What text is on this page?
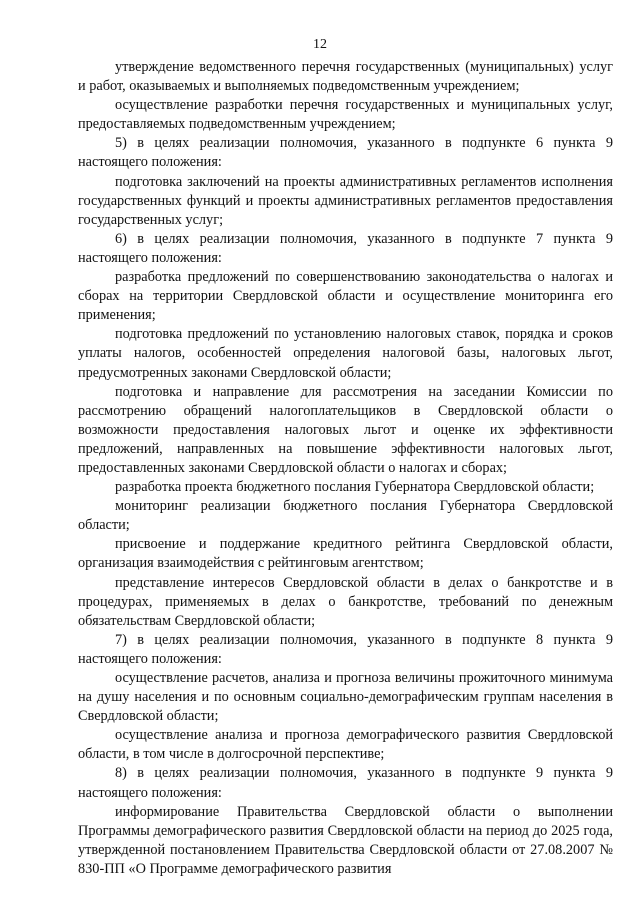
12

утверждение ведомственного перечня государственных (муниципальных) услуг и работ, оказываемых и выполняемых подведомственным учреждением;

осуществление разработки перечня государственных и муниципальных услуг, предоставляемых подведомственным учреждением;

5) в целях реализации полномочия, указанного в подпункте 6 пункта 9 настоящего положения:

подготовка заключений на проекты административных регламентов исполнения государственных функций и проекты административных регламентов предоставления государственных услуг;

6) в целях реализации полномочия, указанного в подпункте 7 пункта 9 настоящего положения:

разработка предложений по совершенствованию законодательства о налогах и сборах на территории Свердловской области и осуществление мониторинга его применения;

подготовка предложений по установлению налоговых ставок, порядка и сроков уплаты налогов, особенностей определения налоговой базы, налоговых льгот, предусмотренных законами Свердловской области;

подготовка и направление для рассмотрения на заседании Комиссии по рассмотрению обращений налогоплательщиков в Свердловской области о возможности предоставления налоговых льгот и оценке их эффективности предложений, направленных на повышение эффективности налоговых льгот, предоставленных законами Свердловской области о налогах и сборах;

разработка проекта бюджетного послания Губернатора Свердловской области;

мониторинг реализации бюджетного послания Губернатора Свердловской области;

присвоение и поддержание кредитного рейтинга Свердловской области, организация взаимодействия с рейтинговым агентством;

представление интересов Свердловской области в делах о банкротстве и в процедурах, применяемых в делах о банкротстве, требований по денежным обязательствам Свердловской области;

7) в целях реализации полномочия, указанного в подпункте 8 пункта 9 настоящего положения:

осуществление расчетов, анализа и прогноза величины прожиточного минимума на душу населения и по основным социально-демографическим группам населения в Свердловской области;

осуществление анализа и прогноза демографического развития Свердловской области, в том числе в долгосрочной перспективе;

8) в целях реализации полномочия, указанного в подпункте 9 пункта 9 настоящего положения:

информирование Правительства Свердловской области о выполнении Программы демографического развития Свердловской области на период до 2025 года, утвержденной постановлением Правительства Свердловской области от 27.08.2007 № 830-ПП «О Программе демографического развития
